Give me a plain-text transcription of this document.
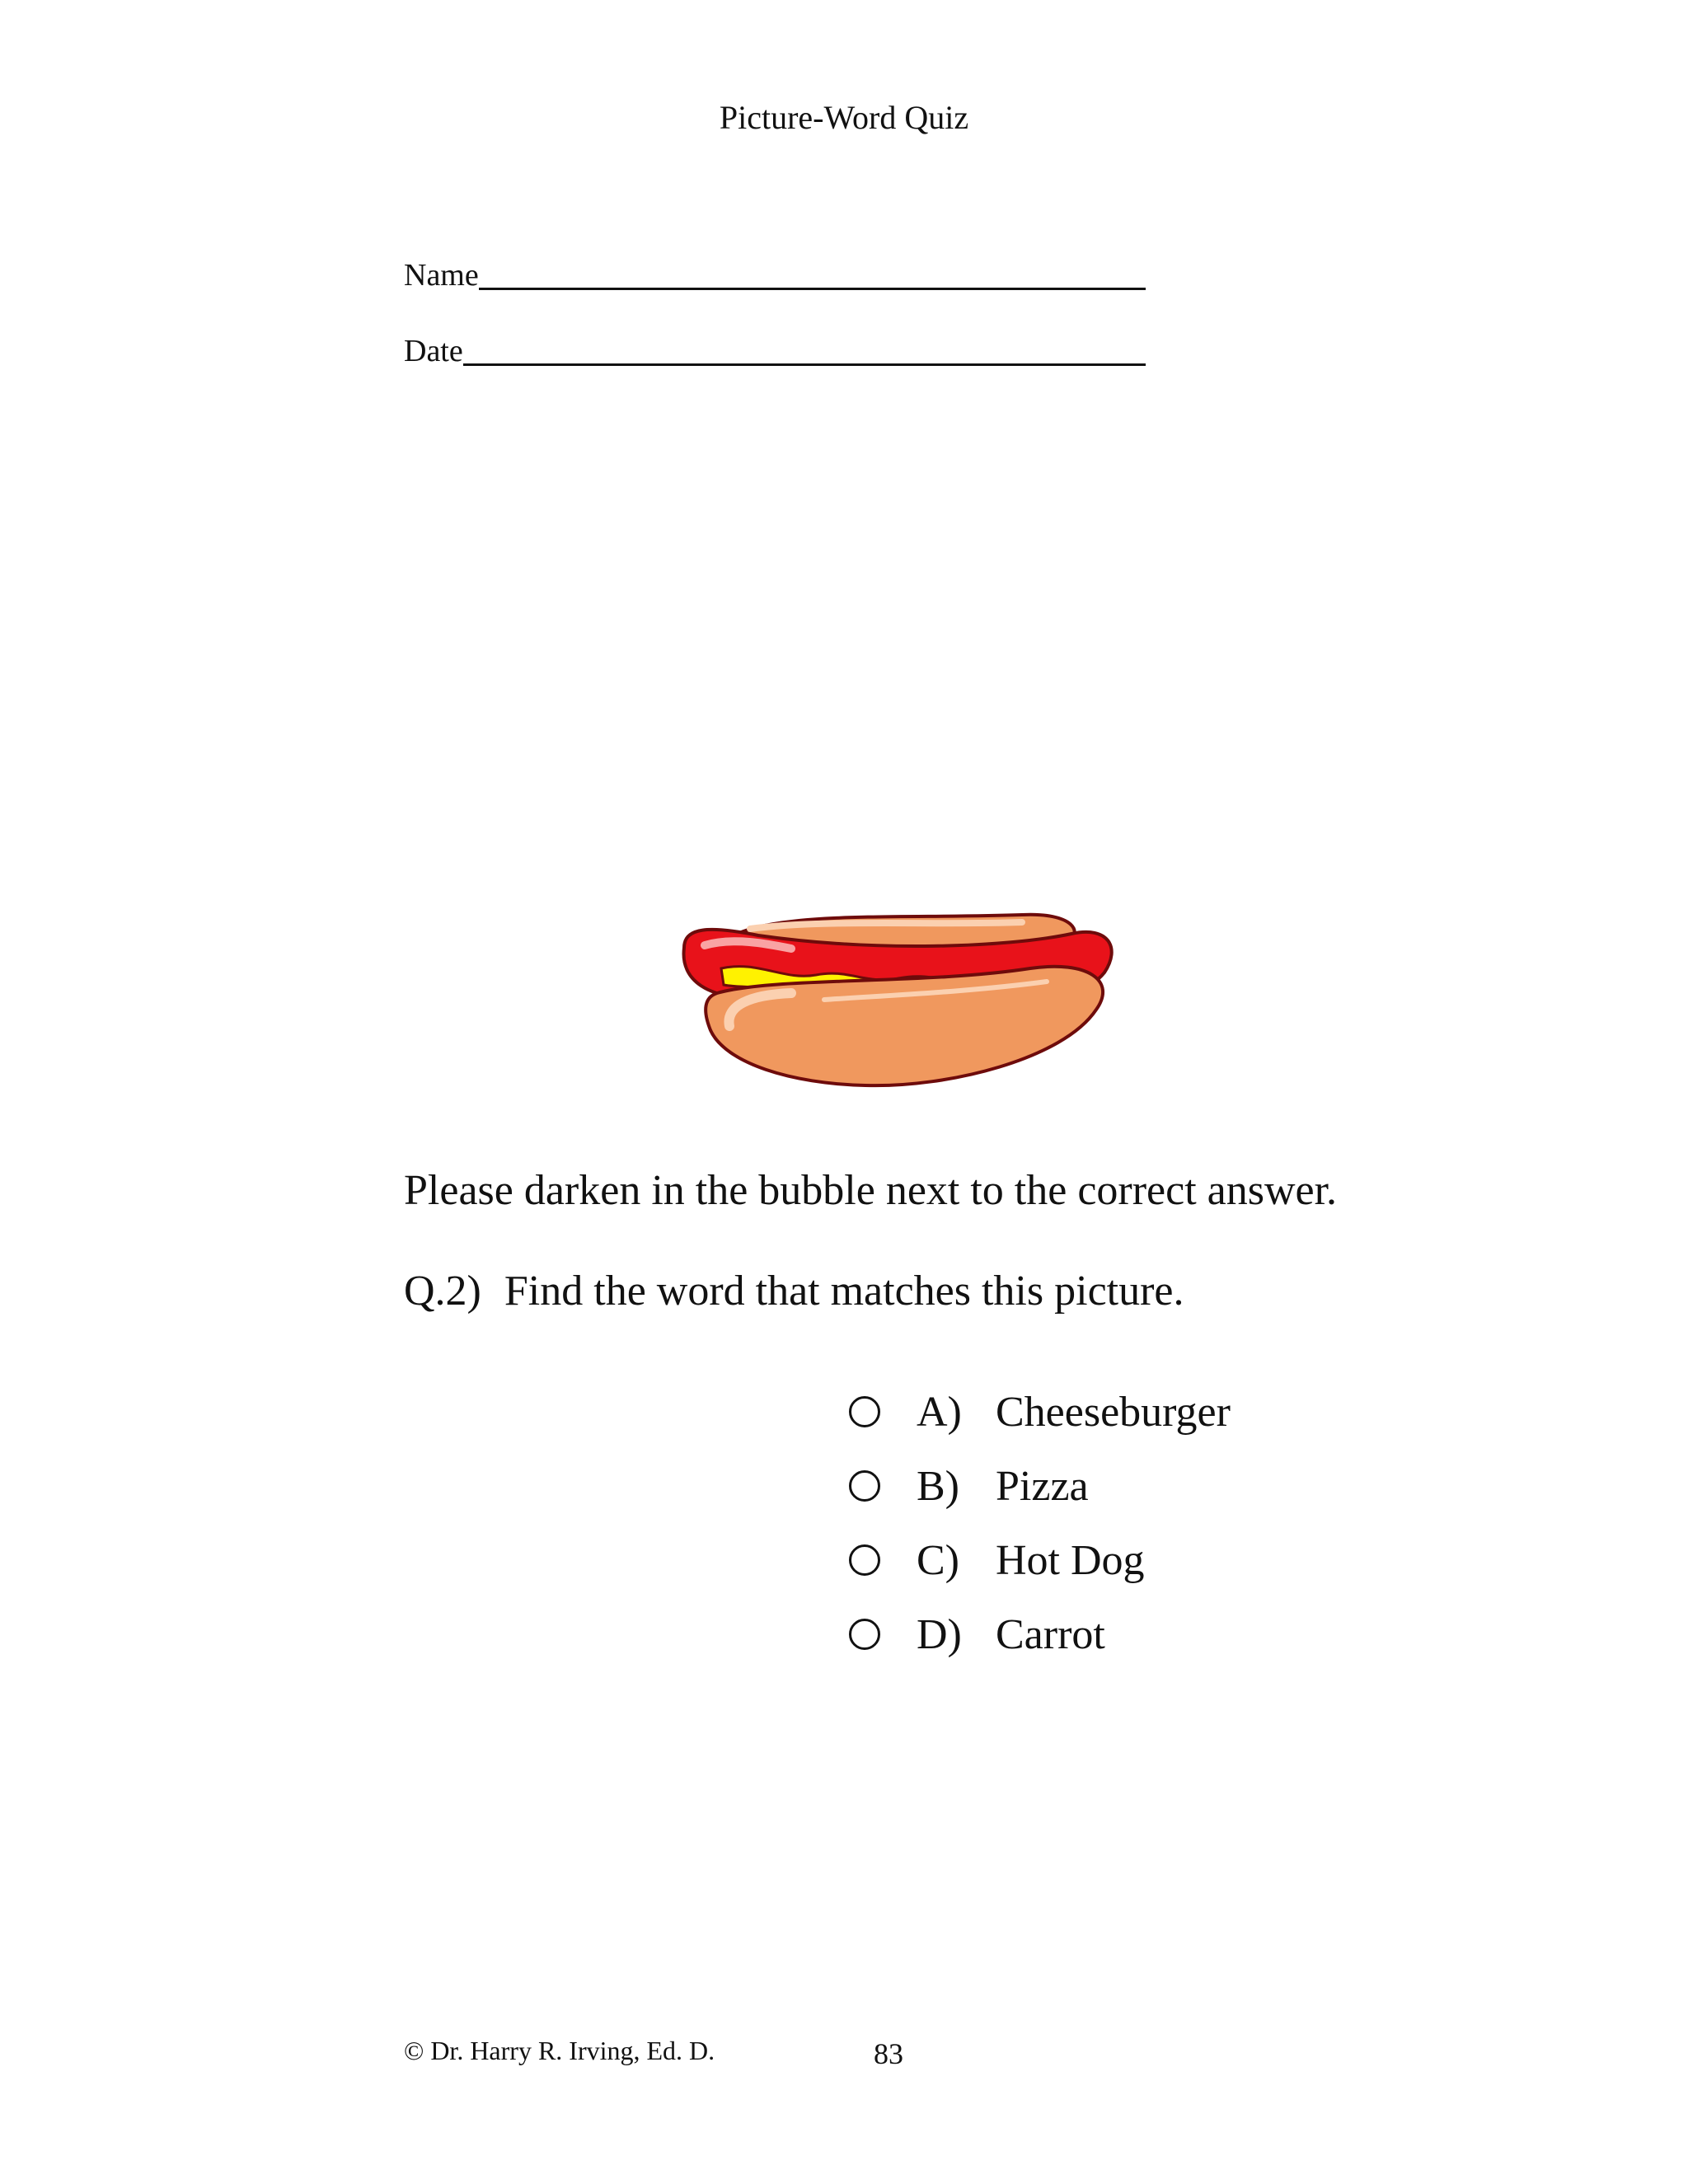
Picture-Word Quiz
Name
Date
Please darken in the bubble next to the correct answer.
Q.2) Find the word that matches this picture.
A) Cheeseburger
B) Pizza
C) Hot Dog
D) Carrot
© Dr. Harry R. Irving, Ed. D.	83
